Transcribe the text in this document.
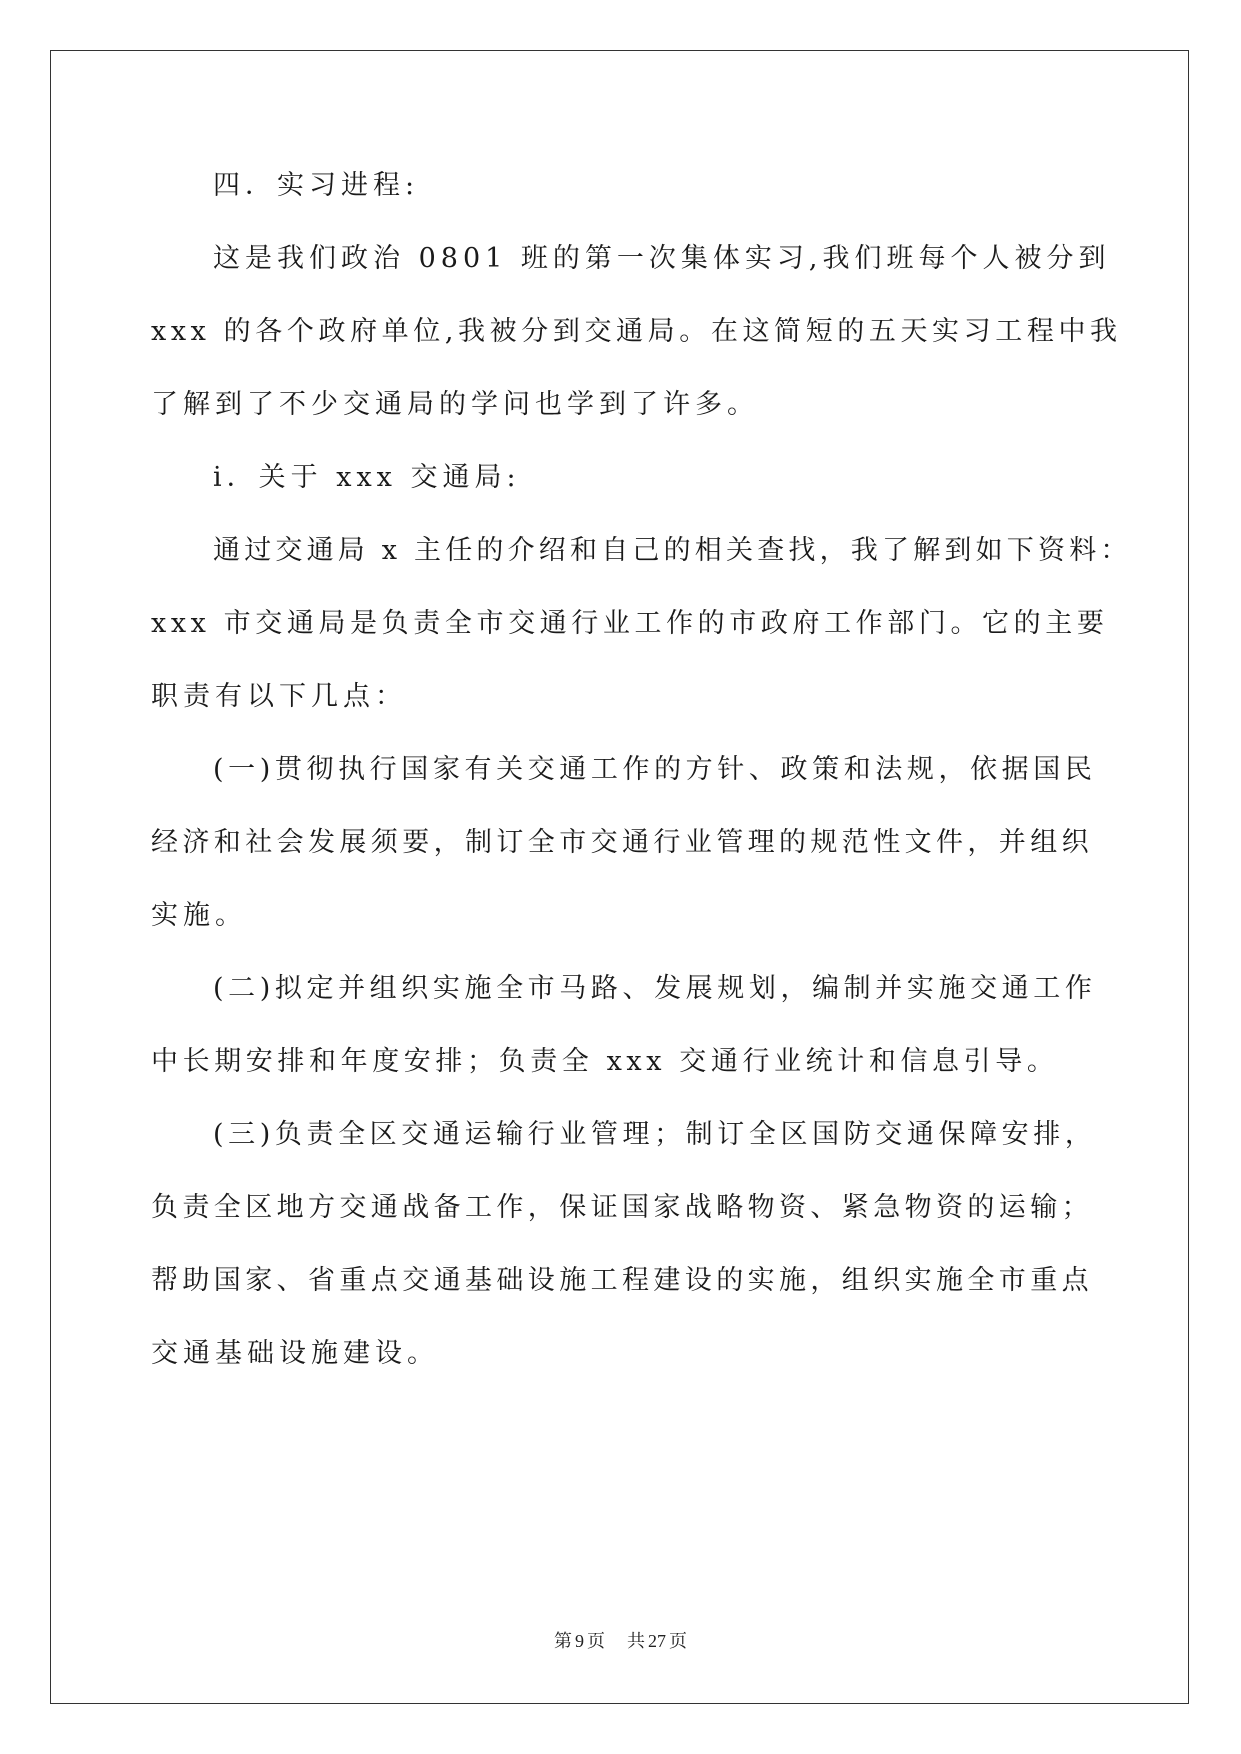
四．实习进程:
这是我们政治 0801 班的第一次集体实习,我们班每个人被分到
xxx 的各个政府单位,我被分到交通局。在这简短的五天实习工程中我
了解到了不少交通局的学问也学到了许多。
ⅰ．关于 xxx 交通局:
通过交通局 x 主任的介绍和自己的相关查找，我了解到如下资料：
xxx 市交通局是负责全市交通行业工作的市政府工作部门。它的主要
职责有以下几点：
(一)贯彻执行国家有关交通工作的方针、政策和法规，依据国民
经济和社会发展须要，制订全市交通行业管理的规范性文件，并组织
实施。
(二)拟定并组织实施全市马路、发展规划，编制并实施交通工作
中长期安排和年度安排；负责全 xxx 交通行业统计和信息引导。
(三)负责全区交通运输行业管理；制订全区国防交通保障安排，
负责全区地方交通战备工作，保证国家战略物资、紧急物资的运输；
帮助国家、省重点交通基础设施工程建设的实施，组织实施全市重点
交通基础设施建设。
第 9 页 共 27 页
